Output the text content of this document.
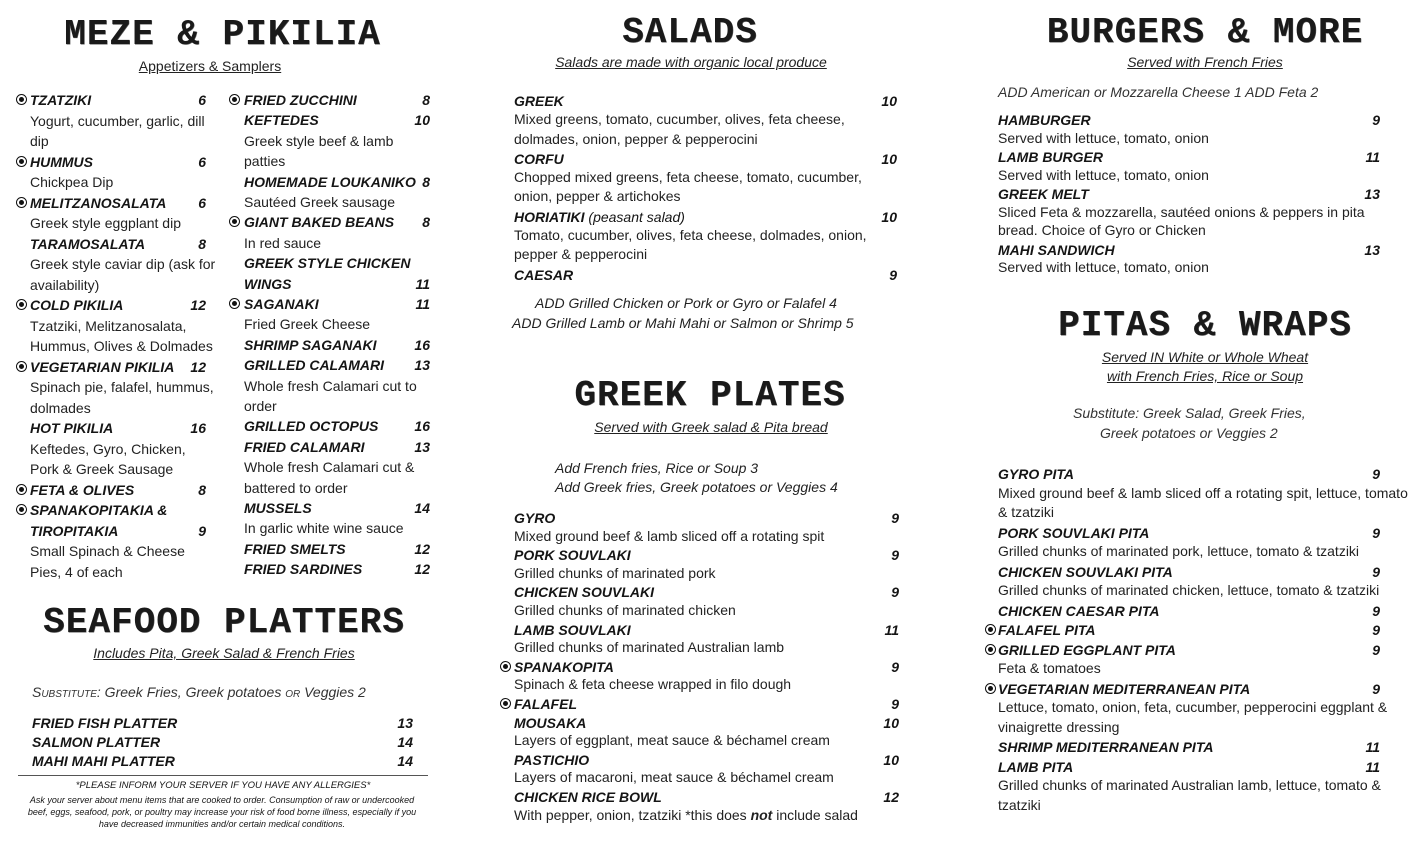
MEZE & PIKILIA
Appetizers & Samplers
TZATZIKI	6
Yogurt, cucumber, garlic, dill dip
HUMMUS	6
Chickpea Dip
MELITZANOSALATA	6
Greek style eggplant dip
TARAMOSALATA	8
Greek style caviar dip (ask for availability)
COLD PIKILIA	12
Tzatziki, Melitzanosalata, Hummus, Olives & Dolmades
VEGETARIAN PIKILIA	12
Spinach pie, falafel, hummus, dolmades
HOT PIKILIA	16
Keftedes, Gyro, Chicken, Pork & Greek Sausage
FETA & OLIVES	8
SPANAKOPITAKIA &
TIROPITAKIA	9
Small Spinach & Cheese Pies, 4 of each
FRIED ZUCCHINI	8
KEFTEDES	10
Greek style beef & lamb patties
HOMEMADE LOUKANIKO 8
Sautéed Greek sausage
GIANT BAKED BEANS	8
In red sauce
GREEK STYLE CHICKEN
WINGS	11
SAGANAKI	11
Fried Greek Cheese
SHRIMP SAGANAKI	16
GRILLED CALAMARI	13
Whole fresh Calamari cut to order
GRILLED OCTOPUS	16
FRIED CALAMARI	13
Whole fresh Calamari cut & battered to order
MUSSELS	14
In garlic white wine sauce
FRIED SMELTS	12
FRIED SARDINES	12
SEAFOOD PLATTERS
Includes Pita, Greek Salad & French Fries
Substitute: Greek Fries, Greek potatoes or Veggies 2
FRIED FISH PLATTER	13
SALMON PLATTER	14
MAHI MAHI PLATTER	14
*PLEASE INFORM YOUR SERVER IF YOU HAVE ANY ALLERGIES*
Ask your server about menu items that are cooked to order. Consumption of raw or undercooked beef, eggs, seafood, pork, or poultry may increase your risk of food borne illness, especially if you have decreased immunities and/or certain medical conditions.
SALADS
Salads are made with organic local produce
GREEK	10
Mixed greens, tomato, cucumber, olives, feta cheese, dolmades, onion, pepper & pepperocini
CORFU	10
Chopped mixed greens, feta cheese, tomato, cucumber, onion, pepper & artichokes
HORIATIKI (peasant salad)	10
Tomato, cucumber, olives, feta cheese, dolmades, onion, pepper & pepperocini
CAESAR	9
ADD Grilled Chicken or Pork or Gyro or Falafel 4
ADD Grilled Lamb or Mahi Mahi or Salmon or Shrimp 5
GREEK PLATES
Served with Greek salad & Pita bread
Add French fries, Rice or Soup 3
Add Greek fries, Greek potatoes or Veggies 4
GYRO	9
Mixed ground beef & lamb sliced off a rotating spit
PORK SOUVLAKI	9
Grilled chunks of marinated pork
CHICKEN SOUVLAKI	9
Grilled chunks of marinated chicken
LAMB SOUVLAKI	11
Grilled chunks of marinated Australian lamb
SPANAKOPITA	9
Spinach & feta cheese wrapped in filo dough
FALAFEL	9
MOUSAKA	10
Layers of eggplant, meat sauce & béchamel cream
PASTICHIO	10
Layers of macaroni, meat sauce & béchamel cream
CHICKEN RICE BOWL	12
With pepper, onion, tzatziki *this does not include salad
BURGERS & MORE
Served with French Fries
ADD American or Mozzarella Cheese 1 ADD Feta 2
HAMBURGER	9
Served with lettuce, tomato, onion
LAMB BURGER	11
Served with lettuce, tomato, onion
GREEK MELT	13
Sliced Feta & mozzarella, sautéed onions & peppers in pita bread. Choice of Gyro or Chicken
MAHI SANDWICH	13
Served with lettuce, tomato, onion
PITAS & WRAPS
Served IN White or Whole Wheat
with French Fries, Rice or Soup
Substitute: Greek Salad, Greek Fries,
Greek potatoes or Veggies 2
GYRO PITA	9
Mixed ground beef & lamb sliced off a rotating spit, lettuce, tomato & tzatziki
PORK SOUVLAKI PITA	9
Grilled chunks of marinated pork, lettuce, tomato & tzatziki
CHICKEN SOUVLAKI PITA	9
Grilled chunks of marinated chicken, lettuce, tomato & tzatziki
CHICKEN CAESAR PITA	9
FALAFEL PITA	9
GRILLED EGGPLANT PITA	9
Feta & tomatoes
VEGETARIAN MEDITERRANEAN PITA	9
Lettuce, tomato, onion, feta, cucumber, pepperocini eggplant & vinaigrette dressing
SHRIMP MEDITERRANEAN PITA	11
LAMB PITA	11
Grilled chunks of marinated Australian lamb, lettuce, tomato & tzatziki
